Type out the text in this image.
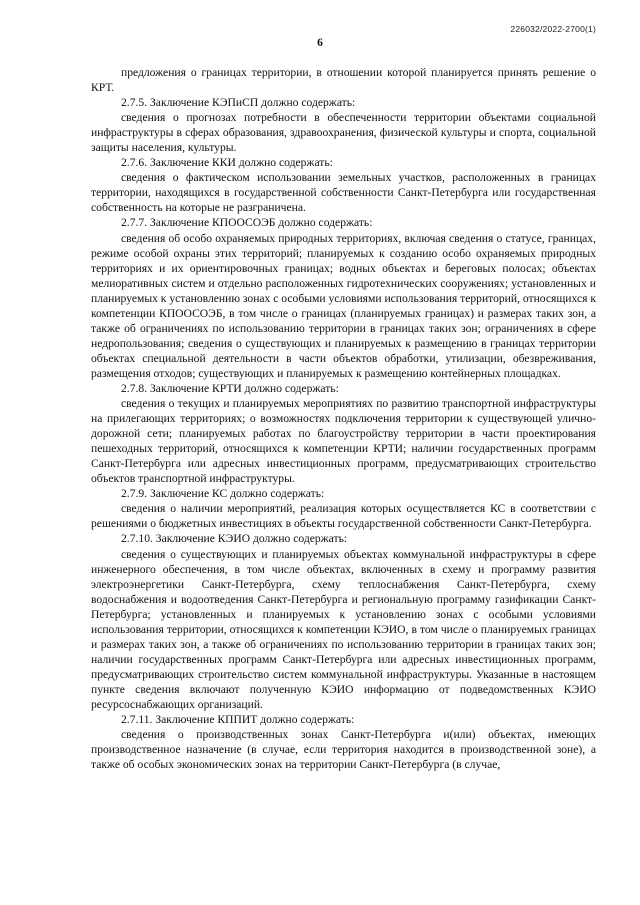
226032/2022-2700(1)
6

предложения о границах территории, в отношении которой планируется принять решение о КРТ.

2.7.5. Заключение КЭПиСП должно содержать:

сведения о прогнозах потребности в обеспеченности территории объектами социальной инфраструктуры в сферах образования, здравоохранения, физической культуры и спорта, социальной защиты населения, культуры.

2.7.6. Заключение ККИ должно содержать:

сведения о фактическом использовании земельных участков, расположенных в границах территории, находящихся в государственной собственности Санкт-Петербурга или государственная собственность на которые не разграничена.

2.7.7. Заключение КПООСОЭБ должно содержать:

сведения об особо охраняемых природных территориях, включая сведения о статусе, границах, режиме особой охраны этих территорий; планируемых к созданию особо охраняемых природных территориях и их ориентировочных границах; водных объектах и береговых полосах; объектах мелиоративных систем и отдельно расположенных гидротехнических сооружениях; установленных и планируемых к установлению зонах с особыми условиями использования территорий, относящихся к компетенции КПООСОЭБ, в том числе о границах (планируемых границах) и размерах таких зон, а также об ограничениях по использованию территории в границах таких зон; ограничениях в сфере недропользования; сведения о существующих и планируемых к размещению в границах территории объектах специальной деятельности в части объектов обработки, утилизации, обезвреживания, размещения отходов; существующих и планируемых к размещению контейнерных площадках.

2.7.8. Заключение КРТИ должно содержать:

сведения о текущих и планируемых мероприятиях по развитию транспортной инфраструктуры на прилегающих территориях; о возможностях подключения территории к существующей улично-дорожной сети; планируемых работах по благоустройству территории в части проектирования пешеходных территорий, относящихся к компетенции КРТИ; наличии государственных программ Санкт-Петербурга или адресных инвестиционных программ, предусматривающих строительство объектов транспортной инфраструктуры.

2.7.9. Заключение КС должно содержать:

сведения о наличии мероприятий, реализация которых осуществляется КС в соответствии с решениями о бюджетных инвестициях в объекты государственной собственности Санкт-Петербурга.

2.7.10. Заключение КЭИО должно содержать:

сведения о существующих и планируемых объектах коммунальной инфраструктуры в сфере инженерного обеспечения, в том числе объектах, включенных в схему и программу развития электроэнергетики Санкт-Петербурга, схему теплоснабжения Санкт-Петербурга, схему водоснабжения и водоотведения Санкт-Петербурга и региональную программу газификации Санкт-Петербурга; установленных и планируемых к установлению зонах с особыми условиями использования территории, относящихся к компетенции КЭИО, в том числе о планируемых границах и размерах таких зон, а также об ограничениях по использованию территории в границах таких зон; наличии государственных программ Санкт-Петербурга или адресных инвестиционных программ, предусматривающих строительство систем коммунальной инфраструктуры. Указанные в настоящем пункте сведения включают полученную КЭИО информацию от подведомственных КЭИО ресурсоснабжающих организаций.

2.7.11. Заключение КППИТ должно содержать:

сведения о производственных зонах Санкт-Петербурга и(или) объектах, имеющих производственное назначение (в случае, если территория находится в производственной зоне), а также об особых экономических зонах на территории Санкт-Петербурга (в случае,
